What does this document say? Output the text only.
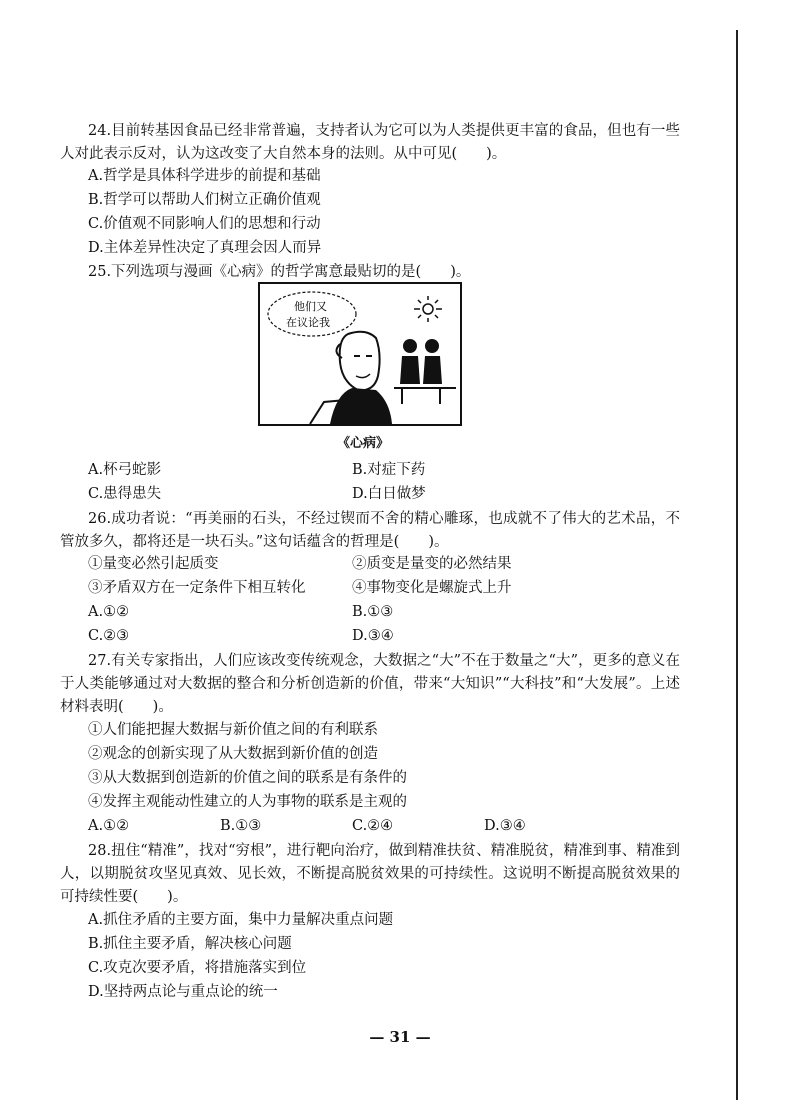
24.目前转基因食品已经非常普遍，支持者认为它可以为人类提供更丰富的食品，但也有一些人对此表示反对，认为这改变了大自然本身的法则。从中可见(　　)。
A.哲学是具体科学进步的前提和基础
B.哲学可以帮助人们树立正确价值观
C.价值观不同影响人们的思想和行动
D.主体差异性决定了真理会因人而异
25.下列选项与漫画《心病》的哲学寓意最贴切的是(　　)。
他们又
在议论我
《心病》
A.杯弓蛇影	B.对症下药
C.患得患失	D.白日做梦
26.成功者说：“再美丽的石头，不经过锲而不舍的精心雕琢，也成就不了伟大的艺术品，不管放多久，都将还是一块石头。”这句话蕴含的哲理是(　　)。
①量变必然引起质变	②质变是量变的必然结果
③矛盾双方在一定条件下相互转化	④事物变化是螺旋式上升
A.①②	B.①③
C.②③	D.③④
27.有关专家指出，人们应该改变传统观念，大数据之“大”不在于数量之“大”，更多的意义在于人类能够通过对大数据的整合和分析创造新的价值，带来“大知识”“大科技”和“大发展”。上述材料表明(　　)。
①人们能把握大数据与新价值之间的有利联系
②观念的创新实现了从大数据到新价值的创造
③从大数据到创造新的价值之间的联系是有条件的
④发挥主观能动性建立的人为事物的联系是主观的
A.①②	B.①③	C.②④	D.③④
28.扭住“精准”，找对“穷根”，进行靶向治疗，做到精准扶贫、精准脱贫，精准到事、精准到人，以期脱贫攻坚见真效、见长效，不断提高脱贫效果的可持续性。这说明不断提高脱贫效果的可持续性要(　　)。
A.抓住矛盾的主要方面，集中力量解决重点问题
B.抓住主要矛盾，解决核心问题
C.攻克次要矛盾，将措施落实到位
D.坚持两点论与重点论的统一
— 31 —
